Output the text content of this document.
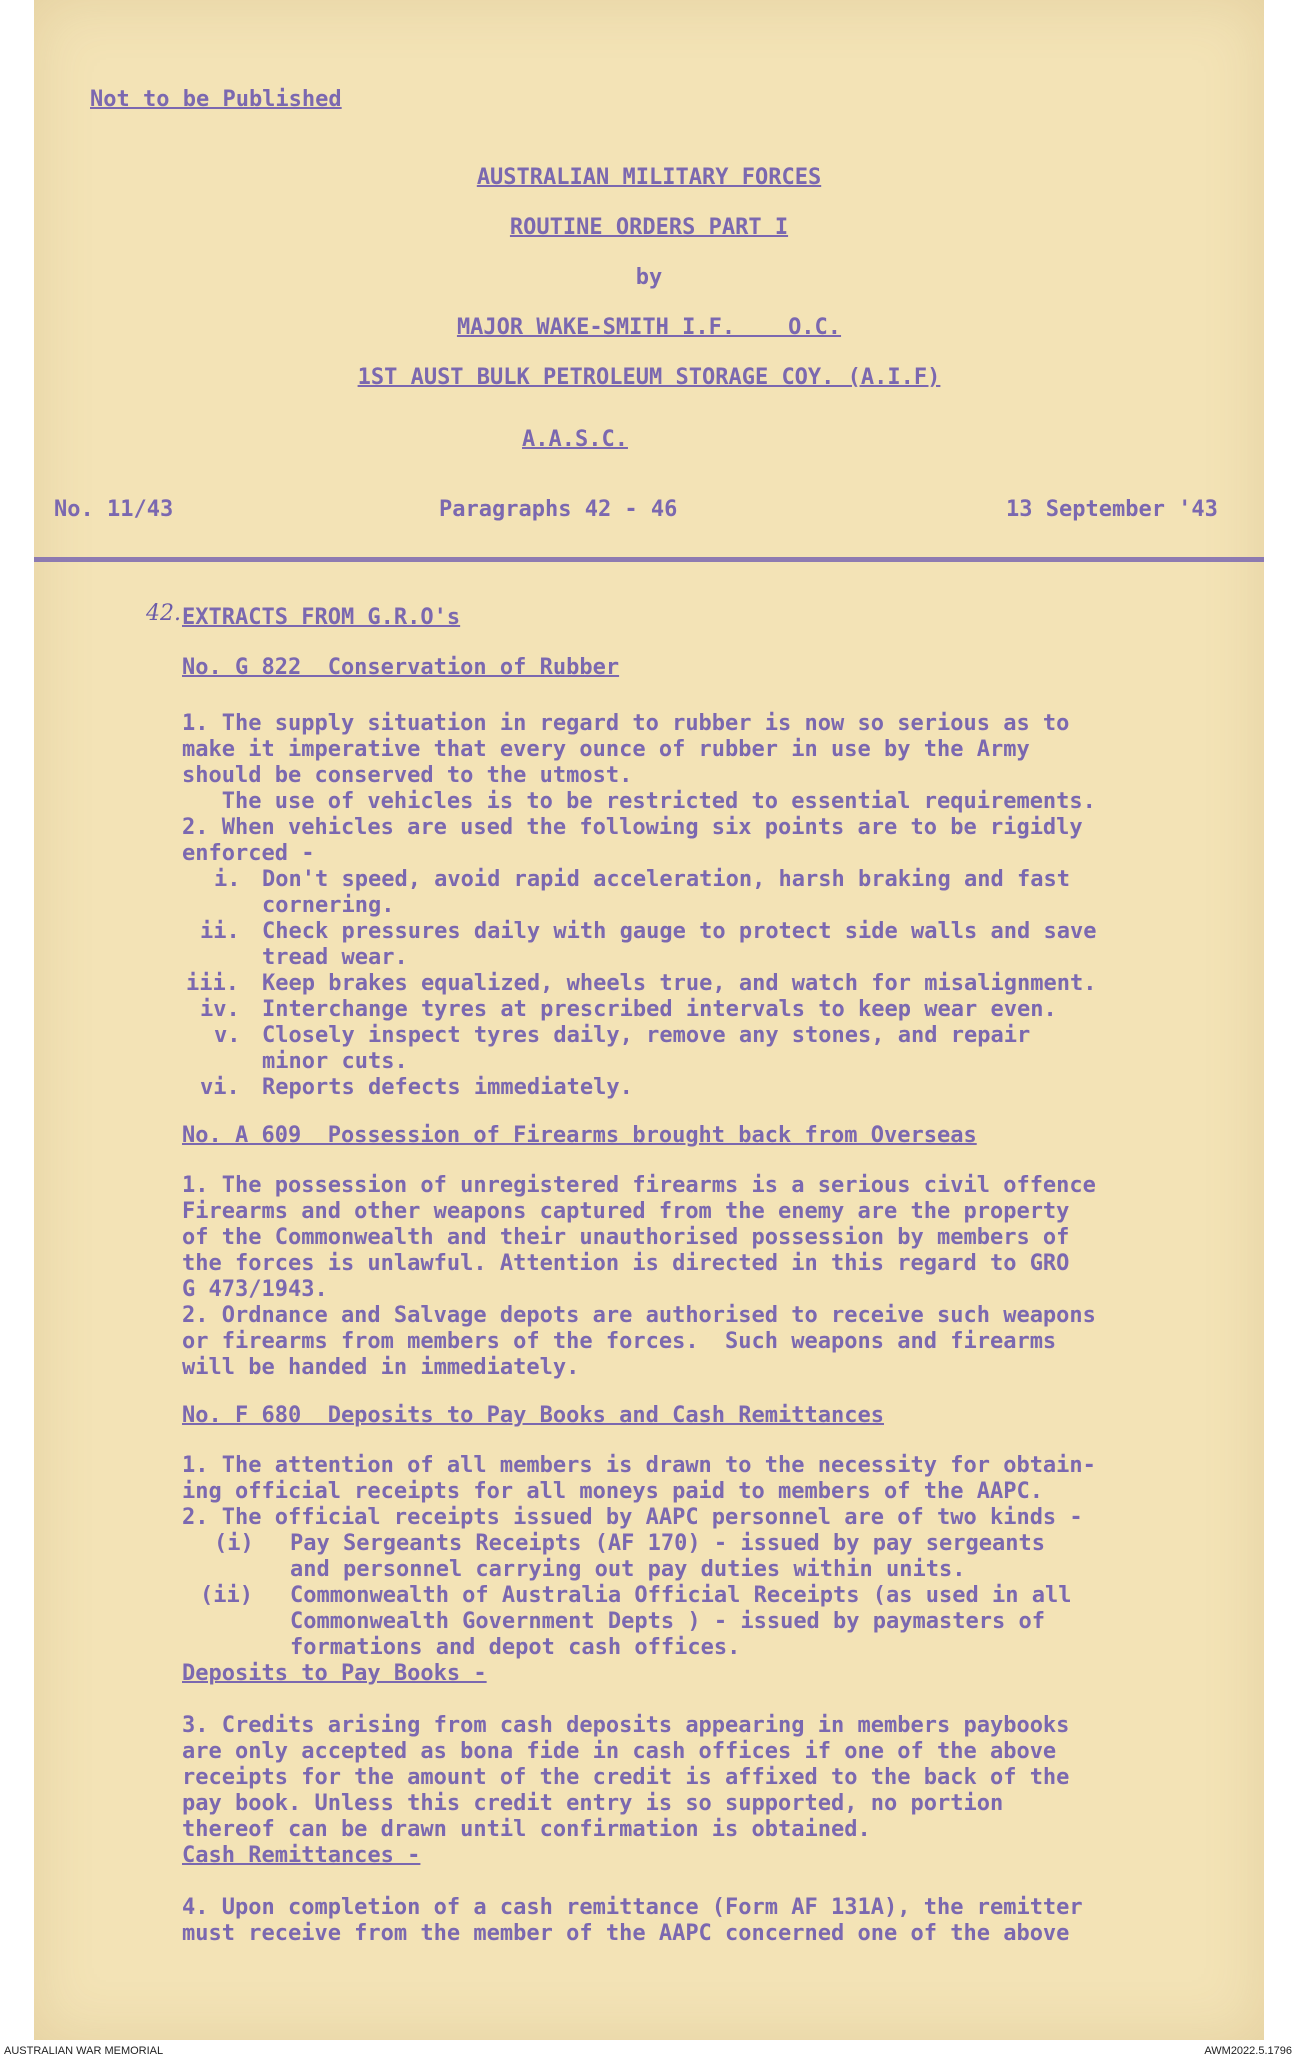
Not to be Published
AUSTRALIAN MILITARY FORCES
ROUTINE ORDERS PART I
by
MAJOR WAKE-SMITH I.F.    O.C.
1ST AUST BULK PETROLEUM STORAGE COY. (A.I.F)
A.A.S.C.
No. 11/43	Paragraphs 42 - 46	13 September '43
42. EXTRACTS FROM G.R.O's
No. G 822  Conservation of Rubber
1. The supply situation in regard to rubber is now so serious as to
make it imperative that every ounce of rubber in use by the Army
should be conserved to the utmost.
The use of vehicles is to be restricted to essential requirements.
2. When vehicles are used the following six points are to be rigidly
enforced -
i. Don't speed, avoid rapid acceleration, harsh braking and fast
cornering.
ii. Check pressures daily with gauge to protect side walls and save
tread wear.
iii. Keep brakes equalized, wheels true, and watch for misalignment.
iv. Interchange tyres at prescribed intervals to keep wear even.
v. Closely inspect tyres daily, remove any stones, and repair
minor cuts.
vi. Reports defects immediately.
No. A 609  Possession of Firearms brought back from Overseas
1. The possession of unregistered firearms is a serious civil offence
Firearms and other weapons captured from the enemy are the property
of the Commonwealth and their unauthorised possession by members of
the forces is unlawful. Attention is directed in this regard to GRO
G 473/1943.
2. Ordnance and Salvage depots are authorised to receive such weapons
or firearms from members of the forces.  Such weapons and firearms
will be handed in immediately.
No. F 680  Deposits to Pay Books and Cash Remittances
1. The attention of all members is drawn to the necessity for obtain-
ing official receipts for all moneys paid to members of the AAPC.
2. The official receipts issued by AAPC personnel are of two kinds -
(i) Pay Sergeants Receipts (AF 170) - issued by pay sergeants
and personnel carrying out pay duties within units.
(ii) Commonwealth of Australia Official Receipts (as used in all
Commonwealth Government Depts ) - issued by paymasters of
formations and depot cash offices.
Deposits to Pay Books -
3. Credits arising from cash deposits appearing in members paybooks
are only accepted as bona fide in cash offices if one of the above
receipts for the amount of the credit is affixed to the back of the
pay book. Unless this credit entry is so supported, no portion
thereof can be drawn until confirmation is obtained.
Cash Remittances -
4. Upon completion of a cash remittance (Form AF 131A), the remitter
must receive from the member of the AAPC concerned one of the above
AUSTRALIAN WAR MEMORIAL	AWM2022.5.1796
